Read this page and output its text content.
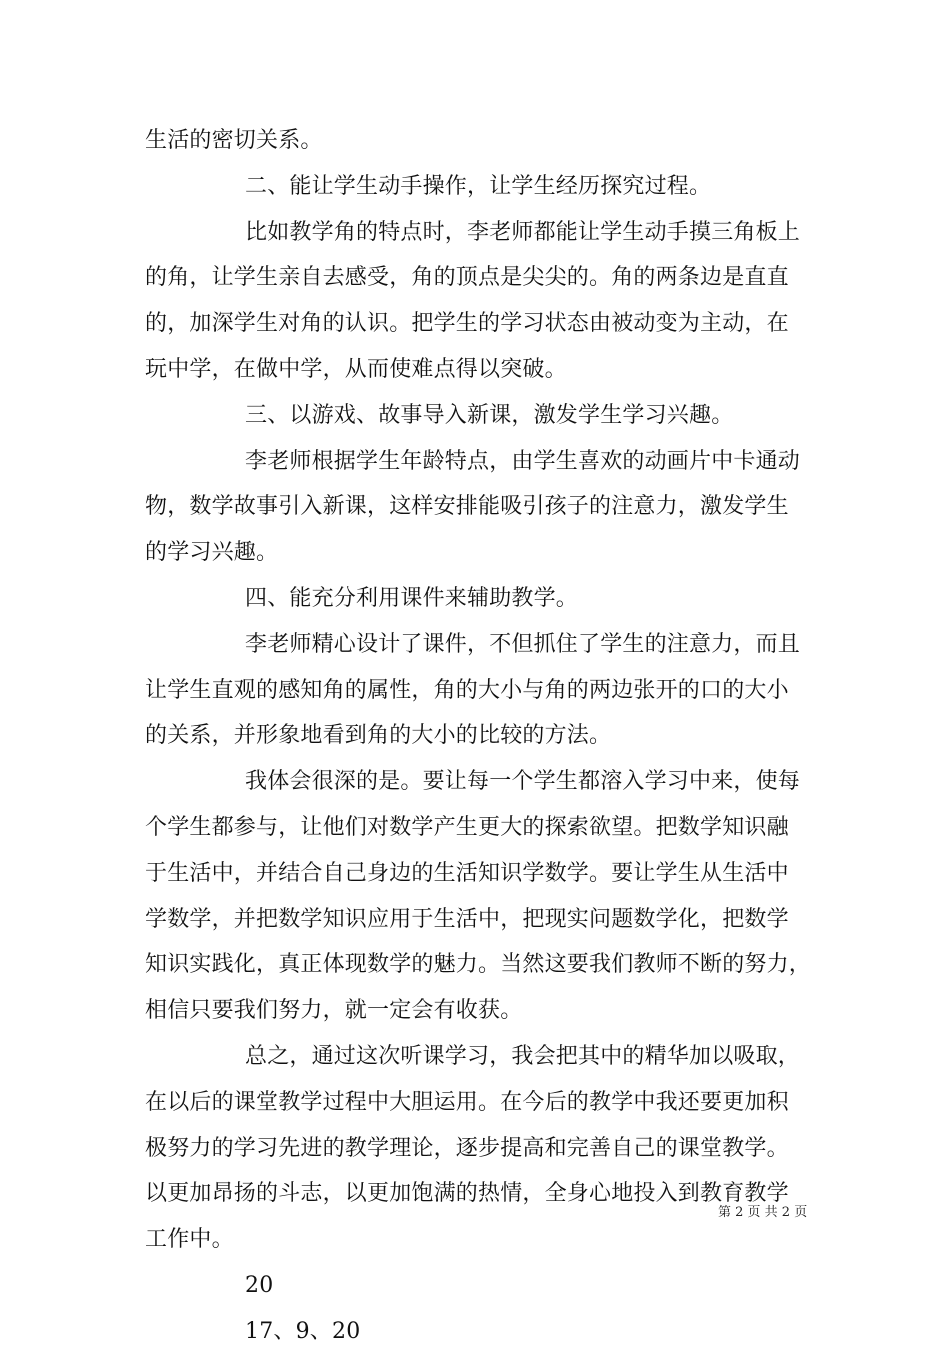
生活的密切关系。
二、能让学生动手操作，让学生经历探究过程。
比如教学角的特点时，李老师都能让学生动手摸三角板上
的角，让学生亲自去感受，角的顶点是尖尖的。角的两条边是直直
的，加深学生对角的认识。把学生的学习状态由被动变为主动，在
玩中学，在做中学，从而使难点得以突破。
三、以游戏、故事导入新课，激发学生学习兴趣。
李老师根据学生年龄特点，由学生喜欢的动画片中卡通动
物，数学故事引入新课，这样安排能吸引孩子的注意力，激发学生
的学习兴趣。
四、能充分利用课件来辅助教学。
李老师精心设计了课件，不但抓住了学生的注意力，而且
让学生直观的感知角的属性，角的大小与角的两边张开的口的大小
的关系，并形象地看到角的大小的比较的方法。
我体会很深的是。要让每一个学生都溶入学习中来，使每
个学生都参与，让他们对数学产生更大的探索欲望。把数学知识融
于生活中，并结合自己身边的生活知识学数学。要让学生从生活中
学数学，并把数学知识应用于生活中，把现实问题数学化，把数学
知识实践化，真正体现数学的魅力。当然这要我们教师不断的努力，
相信只要我们努力，就一定会有收获。
总之，通过这次听课学习，我会把其中的精华加以吸取，
在以后的课堂教学过程中大胆运用。在今后的教学中我还要更加积
极努力的学习先进的教学理论，逐步提高和完善自己的课堂教学。
以更加昂扬的斗志，以更加饱满的热情，全身心地投入到教育教学
工作中。
20
17、9、20
第 2 页 共 2 页
